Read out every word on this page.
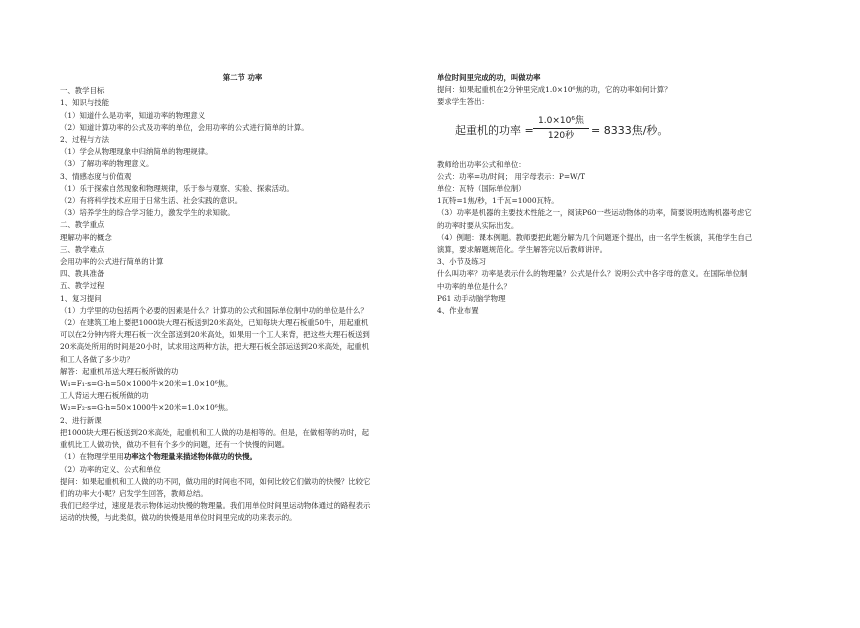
第二节 功率
一、教学目标
1、知识与技能
（1）知道什么是功率，知道功率的物理意义
（2）知道计算功率的公式及功率的单位，会用功率的公式进行简单的计算。
2、过程与方法
（1）学会从物理现象中归纳简单的物理规律。
（3）了解功率的物理意义。
3、情感态度与价值观
（1）乐于探索自然现象和物理规律，乐于参与观察、实验、探索活动。
（2）有将科学技术应用于日常生活、社会实践的意识。
（3）培养学生的综合学习能力，激发学生的求知欲。
二、教学重点
理解功率的概念
三、教学难点
会用功率的公式进行简单的计算
四、教具准备
五、教学过程
1、复习提问
（1）力学里的功包括两个必要的因素是什么？计算功的公式和国际单位制中功的单位是什么？
（2）在建筑工地上要把1000块大理石板送到20米高处，已知每块大理石板重50牛，用起重机
可以在2分钟内将大理石板一次全部送到20米高处，如果用一个工人来背，把这些大理石板送到
20米高处所用的时间是20小时，试求用这两种方法，把大理石板全部运送到20米高处，起重机
和工人各做了多少功？
解答：起重机吊送大理石板所做的功
W₁=F₁·s=G·h=50×1000牛×20米=1.0×10⁶焦。
工人背运大理石板所做的功
W₂=F₂·s=G·h=50×1000牛×20米=1.0×10⁶焦。
2、进行新课
把1000块大理石板送到20米高处，起重机和工人做的功是相等的。但是，在做相等的功时，起
重机比工人做功快，做功不但有个多少的问题，还有一个快慢的问题。
（1）在物理学里用功率这个物理量来描述物体做功的快慢。
（2）功率的定义、公式和单位
提问：如果起重机和工人做的功不同，做功用的时间也不同，如何比较它们做功的快慢？比较它
们的功率大小呢？启发学生回答，教师总结。
我们已经学过，速度是表示物体运动快慢的物理量。我们用单位时间里运动物体通过的路程表示
运动的快慢，与此类似，做功的快慢是用单位时间里完成的功来表示的。
单位时间里完成的功，叫做功率
提问：如果起重机在2分钟里完成1.0×10⁶焦的功，它的功率如何计算？
要求学生答出：
起重机的功率 =
1.0×10⁶焦
120秒	= 8333焦/秒。
教师给出功率公式和单位：
公式：功率=功/时间； 用字母表示：P=W/T
单位：瓦特（国际单位制）
1瓦特=1焦/秒，1千瓦=1000瓦特。
（3）功率是机器的主要技术性能之一，阅读P60一些运动物体的功率，简要说明选购机器考虑它
的功率时要从实际出发。
（4）例题：课本例题。教师要把此题分解为几个问题逐个提出，由一名学生板演，其他学生自己
演算，要求解题规范化。学生解答完以后教师讲评。
3、小节及练习
什么叫功率？功率是表示什么的物理量？公式是什么？说明公式中各字母的意义。在国际单位制
中功率的单位是什么？
P61 动手动脑学物理
4、作业布置
